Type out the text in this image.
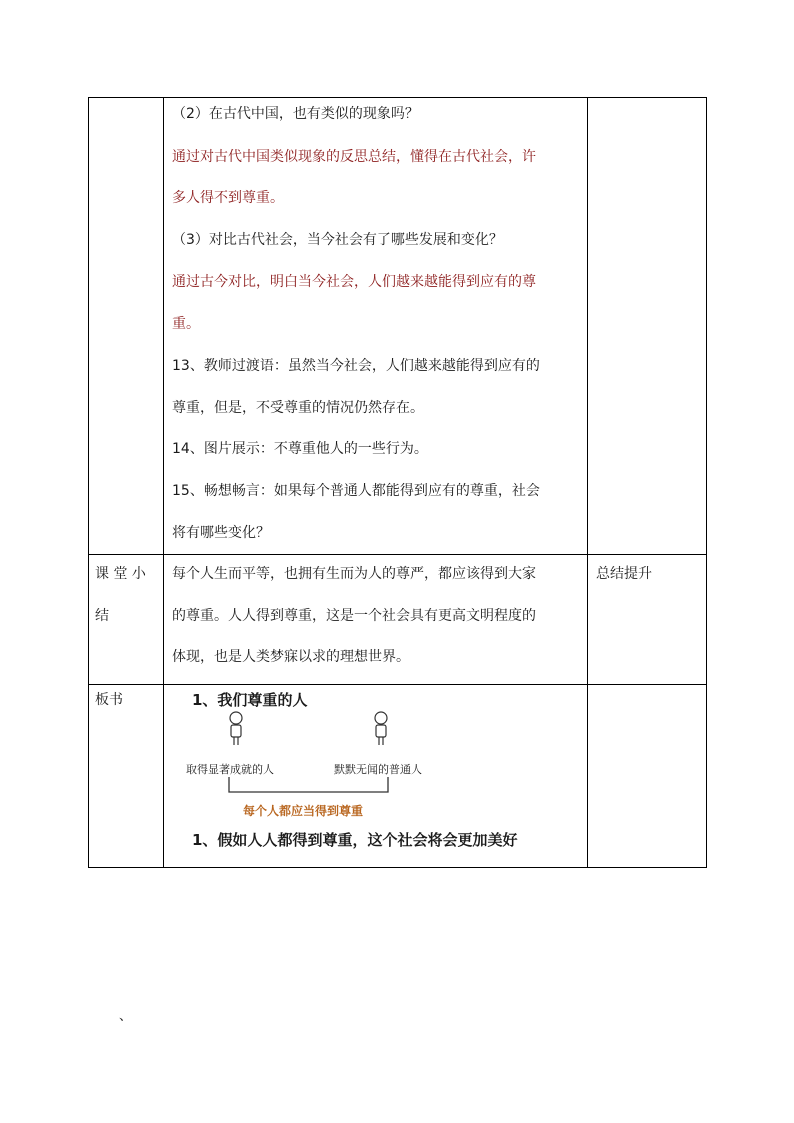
（2）在古代中国，也有类似的现象吗？
通过对古代中国类似现象的反思总结，懂得在古代社会，许
多人得不到尊重。
（3）对比古代社会，当今社会有了哪些发展和变化？
通过古今对比，明白当今社会，人们越来越能得到应有的尊
重。
13、教师过渡语：虽然当今社会，人们越来越能得到应有的
尊重，但是，不受尊重的情况仍然存在。
14、图片展示：不尊重他人的一些行为。
15、畅想畅言：如果每个普通人都能得到应有的尊重，社会
将有哪些变化？
课 堂 小
结
每个人生而平等，也拥有生而为人的尊严，都应该得到大家
的尊重。人人得到尊重，这是一个社会具有更高文明程度的
体现，也是人类梦寐以求的理想世界。
总结提升
板书	1、我们尊重的人
取得显著成就的人	默默无闻的普通人
每个人都应当得到尊重
1、假如人人都得到尊重，这个社会将会更加美好
、
